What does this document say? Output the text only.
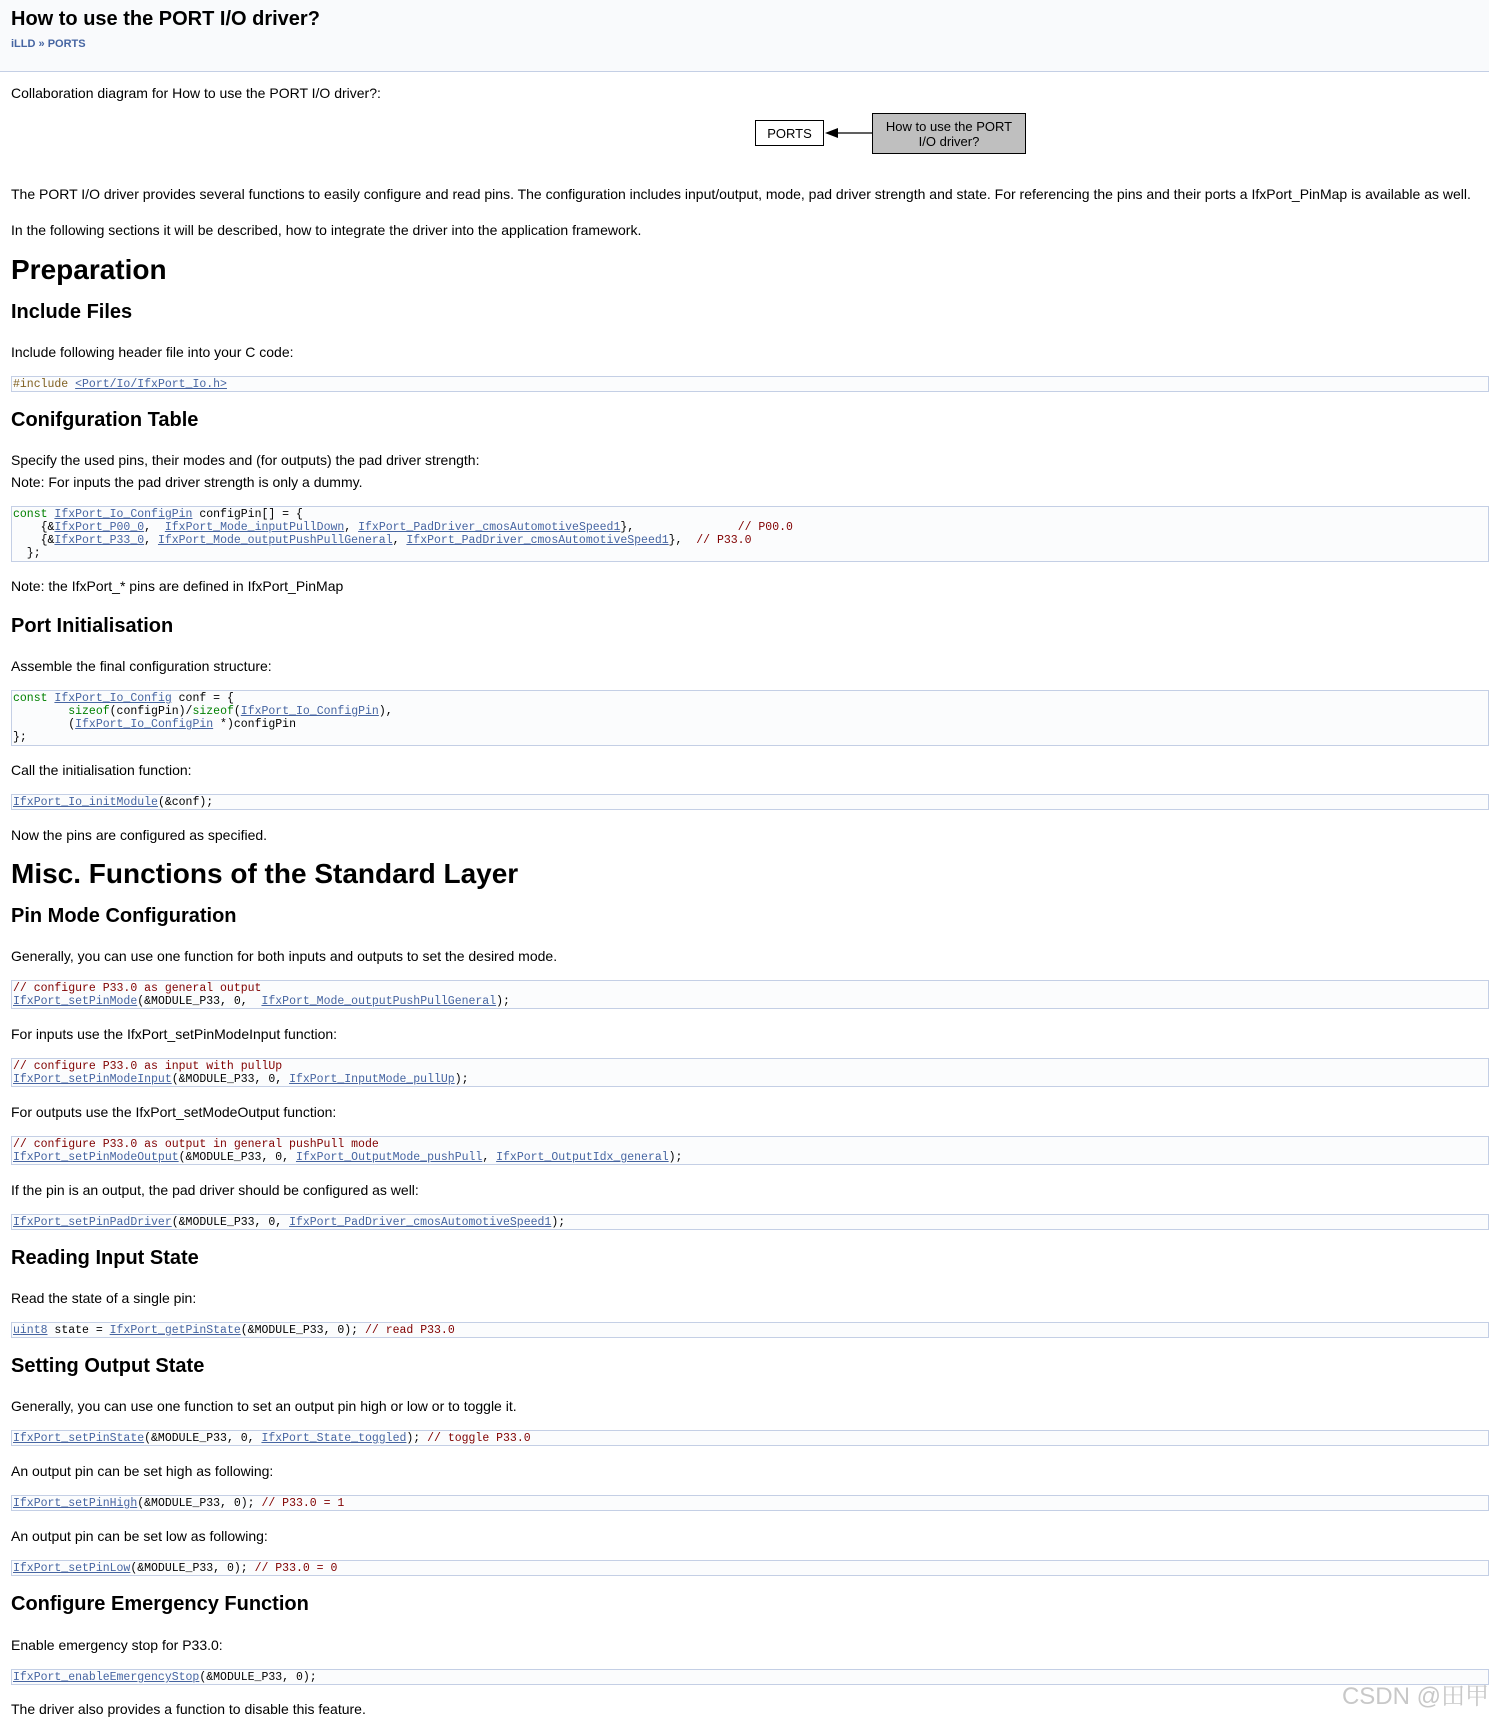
How to use the PORT I/O driver?
iLLD » PORTS
Collaboration diagram for How to use the PORT I/O driver?:
PORTS	How to use the PORT
I/O driver?
The PORT I/O driver provides several functions to easily configure and read pins. The configuration includes input/output, mode, pad driver strength and state. For referencing the pins and their ports a IfxPort_PinMap is available as well.
In the following sections it will be described, how to integrate the driver into the application framework.
Preparation
Include Files
Include following header file into your C code:
#include <Port/Io/IfxPort_Io.h>
Conifguration Table
Specify the used pins, their modes and (for outputs) the pad driver strength:
Note: For inputs the pad driver strength is only a dummy.
const IfxPort_Io_ConfigPin configPin[] = {
{&IfxPort_P00_0,  IfxPort_Mode_inputPullDown, IfxPort_PadDriver_cmosAutomotiveSpeed1},               // P00.0
{&IfxPort_P33_0, IfxPort_Mode_outputPushPullGeneral, IfxPort_PadDriver_cmosAutomotiveSpeed1},  // P33.0
};
Note: the IfxPort_* pins are defined in IfxPort_PinMap
Port Initialisation
Assemble the final configuration structure:
const IfxPort_Io_Config conf = {
sizeof(configPin)/sizeof(IfxPort_Io_ConfigPin),
(IfxPort_Io_ConfigPin *)configPin
};
Call the initialisation function:
IfxPort_Io_initModule(&conf);
Now the pins are configured as specified.
Misc. Functions of the Standard Layer
Pin Mode Configuration
Generally, you can use one function for both inputs and outputs to set the desired mode.
// configure P33.0 as general output
IfxPort_setPinMode(&MODULE_P33, 0,  IfxPort_Mode_outputPushPullGeneral);
For inputs use the IfxPort_setPinModeInput function:
// configure P33.0 as input with pullUp
IfxPort_setPinModeInput(&MODULE_P33, 0, IfxPort_InputMode_pullUp);
For outputs use the IfxPort_setModeOutput function:
// configure P33.0 as output in general pushPull mode
IfxPort_setPinModeOutput(&MODULE_P33, 0, IfxPort_OutputMode_pushPull, IfxPort_OutputIdx_general);
If the pin is an output, the pad driver should be configured as well:
IfxPort_setPinPadDriver(&MODULE_P33, 0, IfxPort_PadDriver_cmosAutomotiveSpeed1);
Reading Input State
Read the state of a single pin:
uint8 state = IfxPort_getPinState(&MODULE_P33, 0); // read P33.0
Setting Output State
Generally, you can use one function to set an output pin high or low or to toggle it.
IfxPort_setPinState(&MODULE_P33, 0, IfxPort_State_toggled); // toggle P33.0
An output pin can be set high as following:
IfxPort_setPinHigh(&MODULE_P33, 0); // P33.0 = 1
An output pin can be set low as following:
IfxPort_setPinLow(&MODULE_P33, 0); // P33.0 = 0
Configure Emergency Function
Enable emergency stop for P33.0:
IfxPort_enableEmergencyStop(&MODULE_P33, 0);
The driver also provides a function to disable this feature.	CSDN @田甲
